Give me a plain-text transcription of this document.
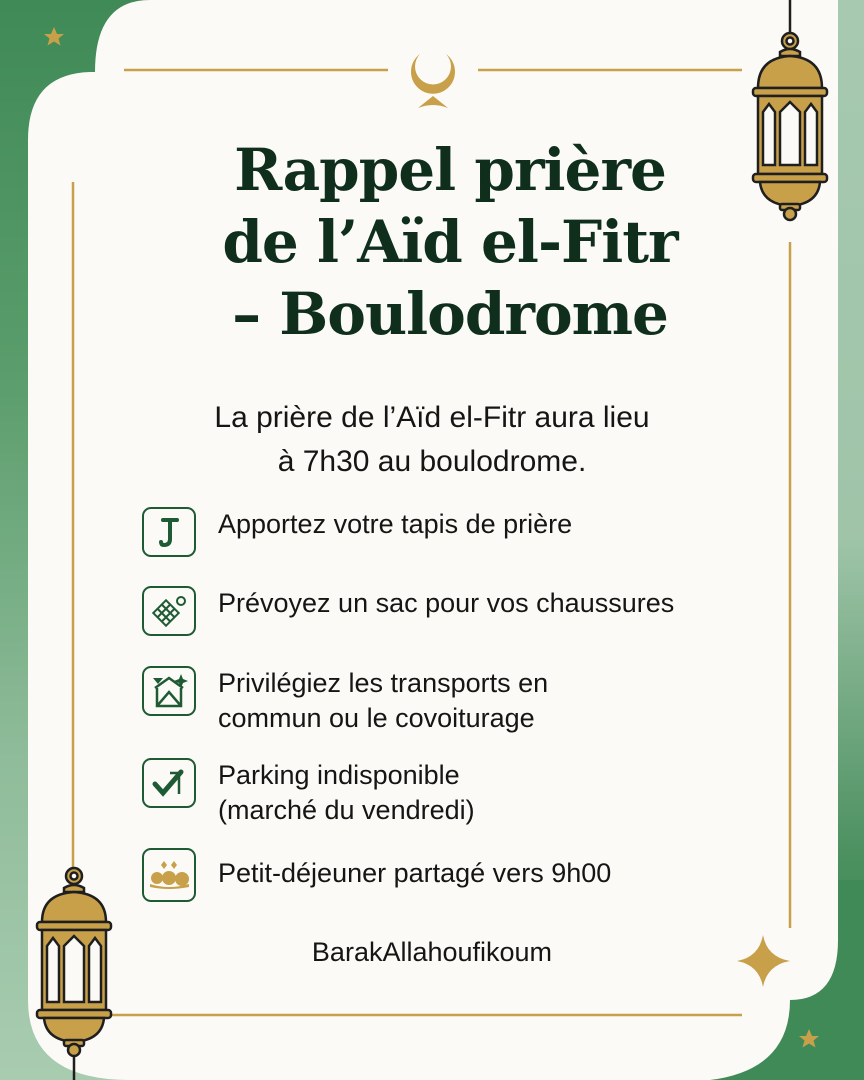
Rappel prière
de l’Aïd el-Fitr
– Boulodrome
La prière de l’Aïd el-Fitr aura lieu
à 7h30 au boulodrome.
Apportez votre tapis de prière
Prévoyez un sac pour vos chaussures
Privilégiez les transports en
commun ou le covoiturage
Parking indisponible
(marché du vendredi)
Petit-déjeuner partagé vers 9h00
BarakAllahoufikoum
